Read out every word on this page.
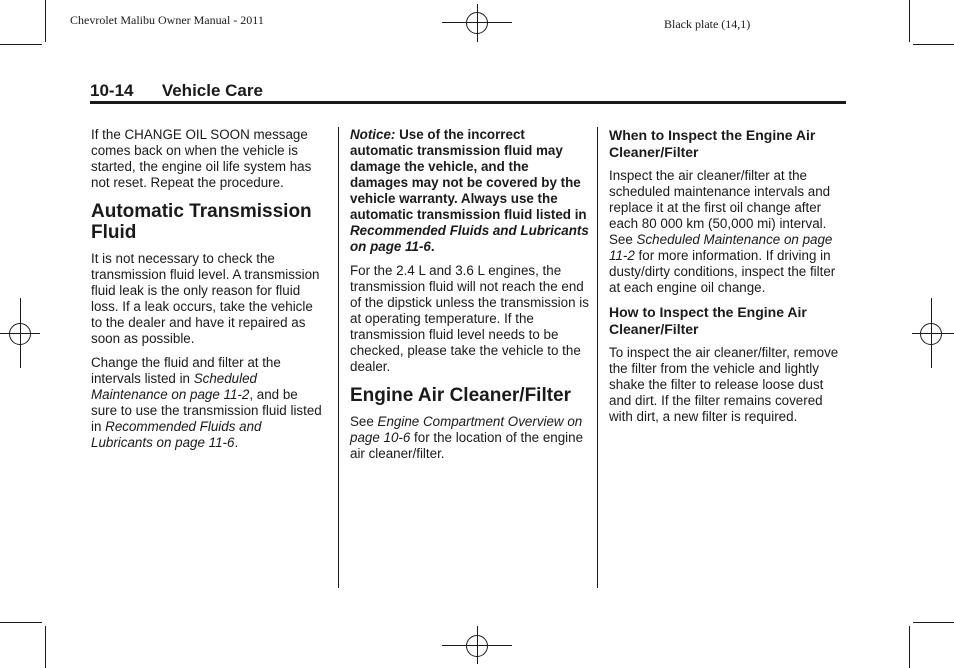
Chevrolet Malibu Owner Manual - 2011	Black plate (14,1)
10-14 Vehicle Care

If the CHANGE OIL SOON message comes back on when the vehicle is started, the engine oil life system has not reset. Repeat the procedure.

Automatic Transmission Fluid

It is not necessary to check the transmission fluid level. A transmission fluid leak is the only reason for fluid loss. If a leak occurs, take the vehicle to the dealer and have it repaired as soon as possible.

Change the fluid and filter at the intervals listed in Scheduled Maintenance on page 11-2, and be sure to use the transmission fluid listed in Recommended Fluids and Lubricants on page 11-6.

Notice: Use of the incorrect automatic transmission fluid may damage the vehicle, and the damages may not be covered by the vehicle warranty. Always use the automatic transmission fluid listed in Recommended Fluids and Lubricants on page 11-6.

For the 2.4 L and 3.6 L engines, the transmission fluid will not reach the end of the dipstick unless the transmission is at operating temperature. If the transmission fluid level needs to be checked, please take the vehicle to the dealer.

Engine Air Cleaner/Filter

See Engine Compartment Overview on page 10-6 for the location of the engine air cleaner/filter.

When to Inspect the Engine Air Cleaner/Filter

Inspect the air cleaner/filter at the scheduled maintenance intervals and replace it at the first oil change after each 80 000 km (50,000 mi) interval. See Scheduled Maintenance on page 11-2 for more information. If driving in dusty/dirty conditions, inspect the filter at each engine oil change.

How to Inspect the Engine Air Cleaner/Filter

To inspect the air cleaner/filter, remove the filter from the vehicle and lightly shake the filter to release loose dust and dirt. If the filter remains covered with dirt, a new filter is required.
